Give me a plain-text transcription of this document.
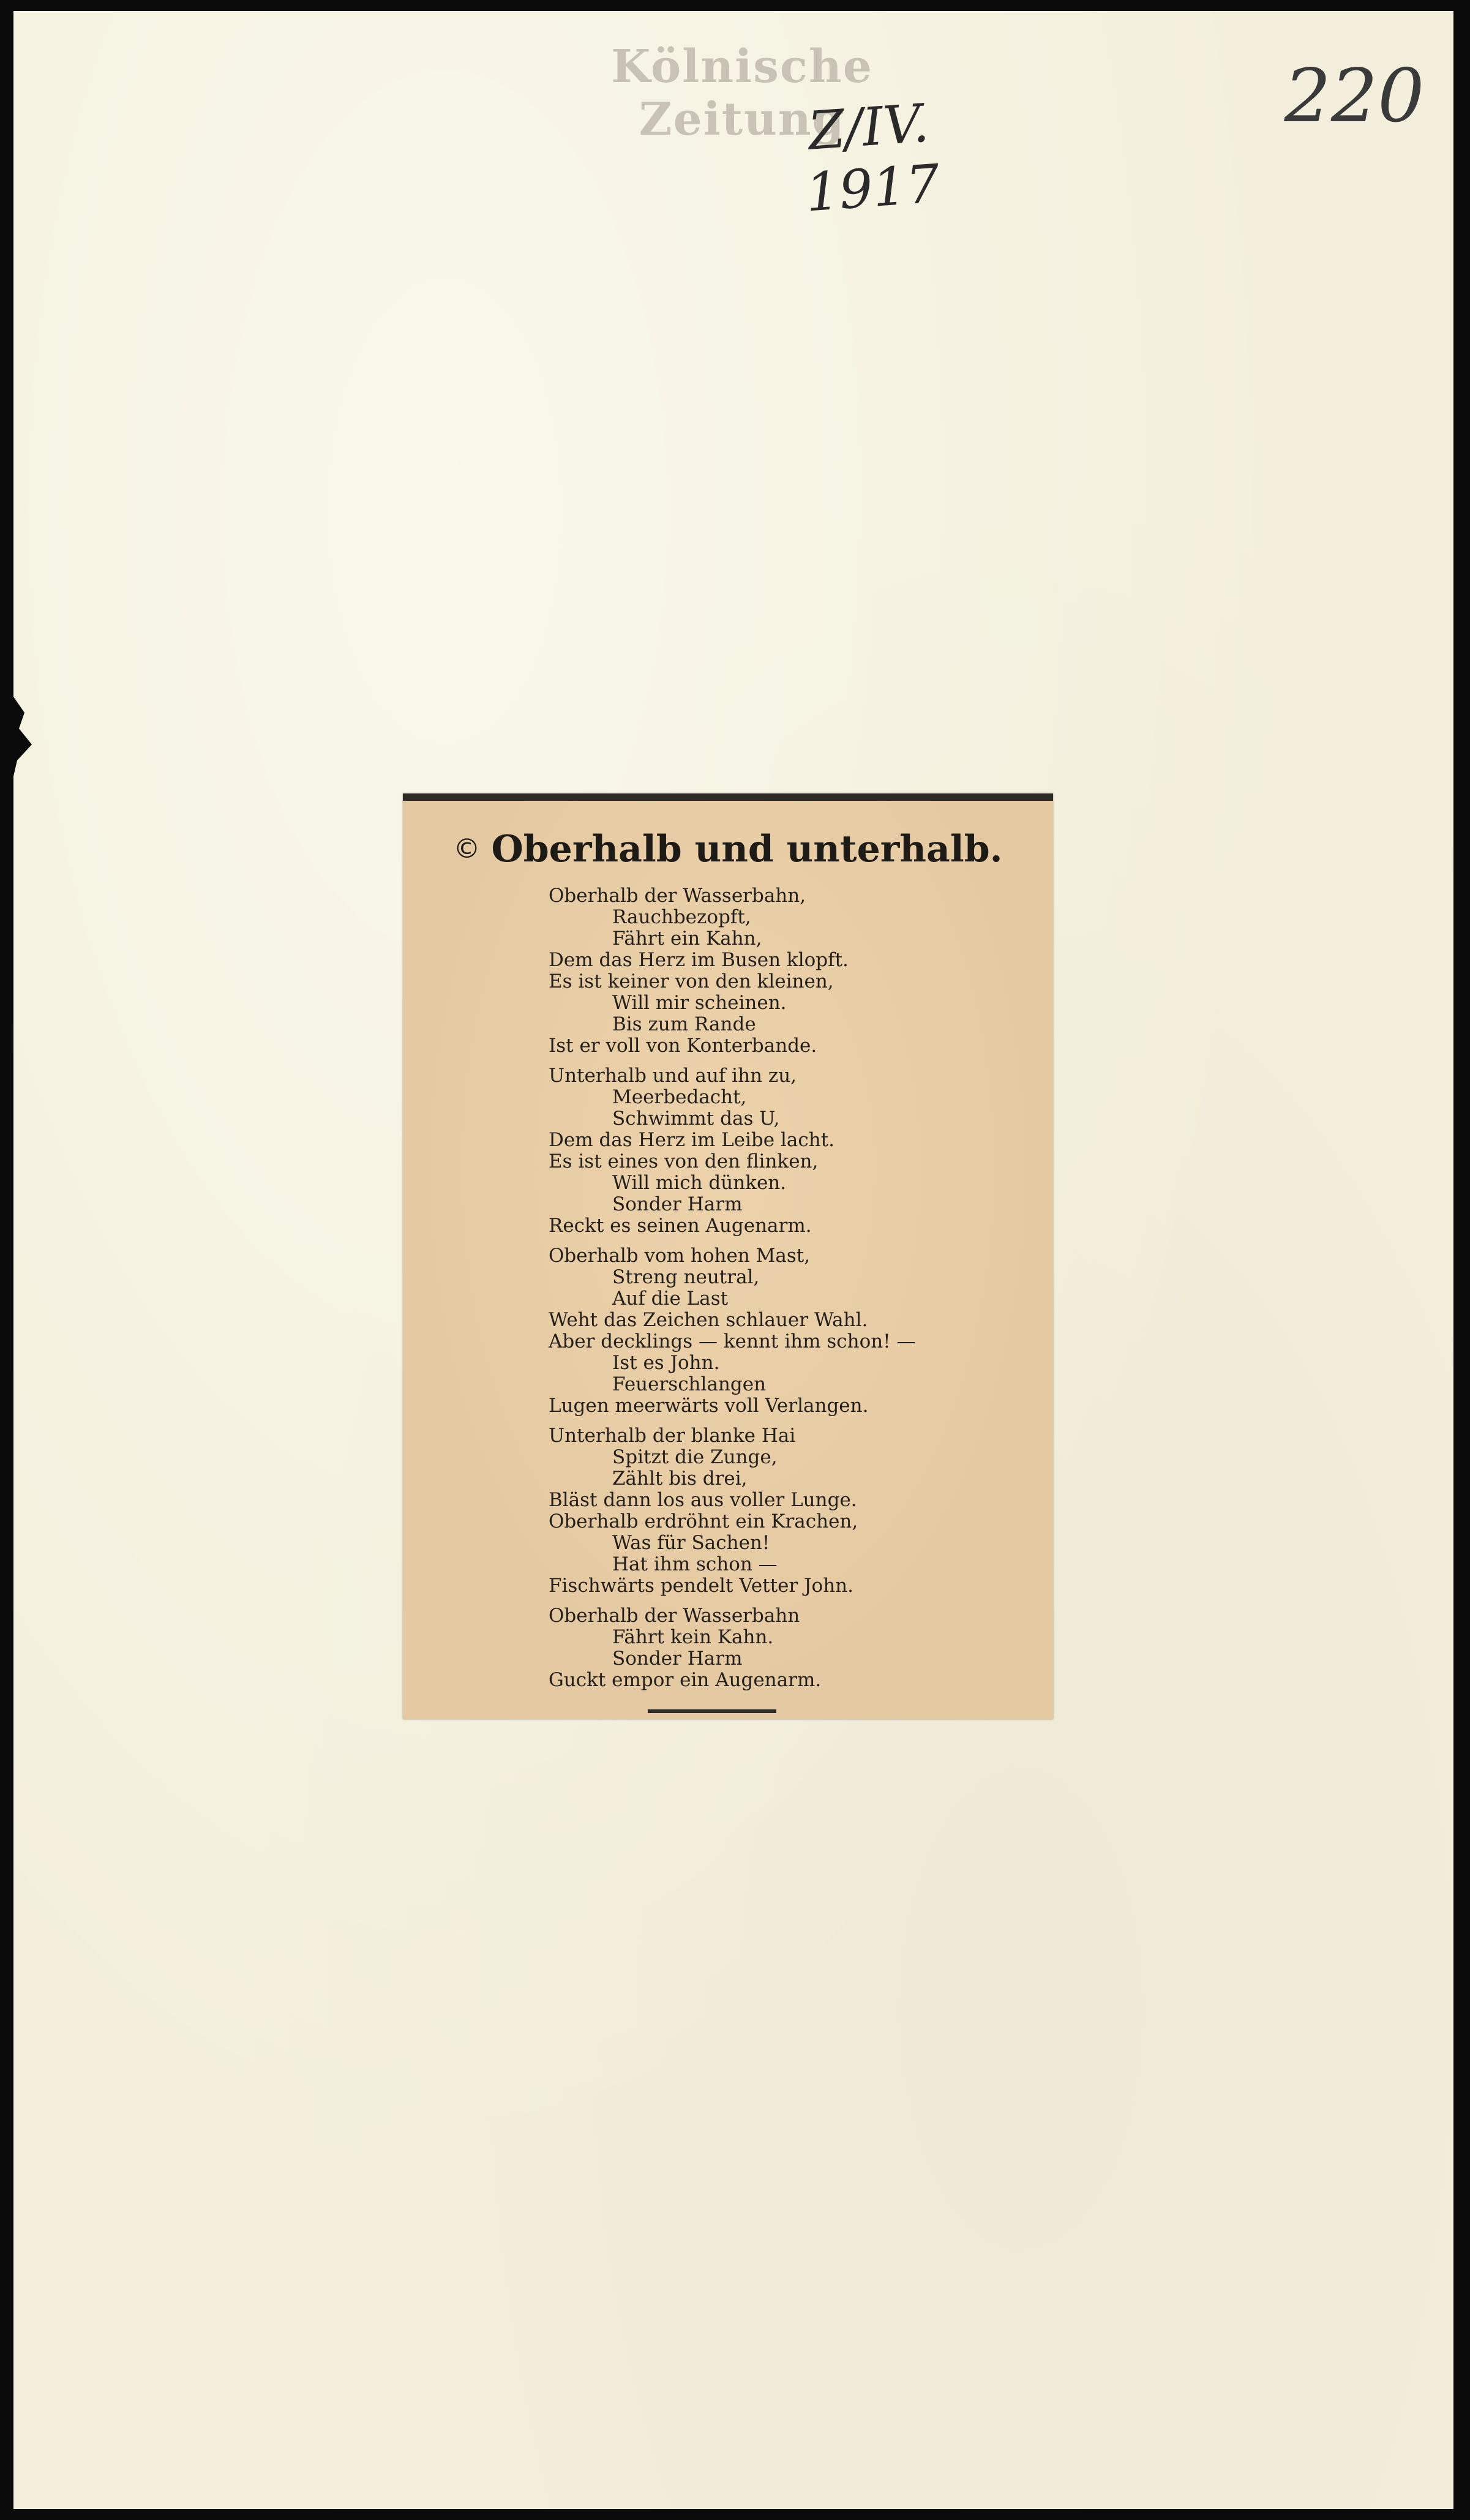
Kölnische Zeitung
Z/IV. 1917
220
© Oberhalb und unterhalb.
Oberhalb der Wasserbahn,
Rauchbezopft,
Fährt ein Kahn,
Dem das Herz im Busen klopft.
Es ist keiner von den kleinen,
Will mir scheinen.
Bis zum Rande
Ist er voll von Konterbande.
Unterhalb und auf ihn zu,
Meerbedacht,
Schwimmt das U,
Dem das Herz im Leibe lacht.
Es ist eines von den flinken,
Will mich dünken.
Sonder Harm
Reckt es seinen Augenarm.
Oberhalb vom hohen Mast,
Streng neutral,
Auf die Last
Weht das Zeichen schlauer Wahl.
Aber decklings — kennt ihm schon! —
Ist es John.
Feuerschlangen
Lugen meerwärts voll Verlangen.
Unterhalb der blanke Hai
Spitzt die Zunge,
Zählt bis drei,
Bläst dann los aus voller Lunge.
Oberhalb erdröhnt ein Krachen,
Was für Sachen!
Hat ihm schon —
Fischwärts pendelt Vetter John.
Oberhalb der Wasserbahn
Fährt kein Kahn.
Sonder Harm
Guckt empor ein Augenarm.
